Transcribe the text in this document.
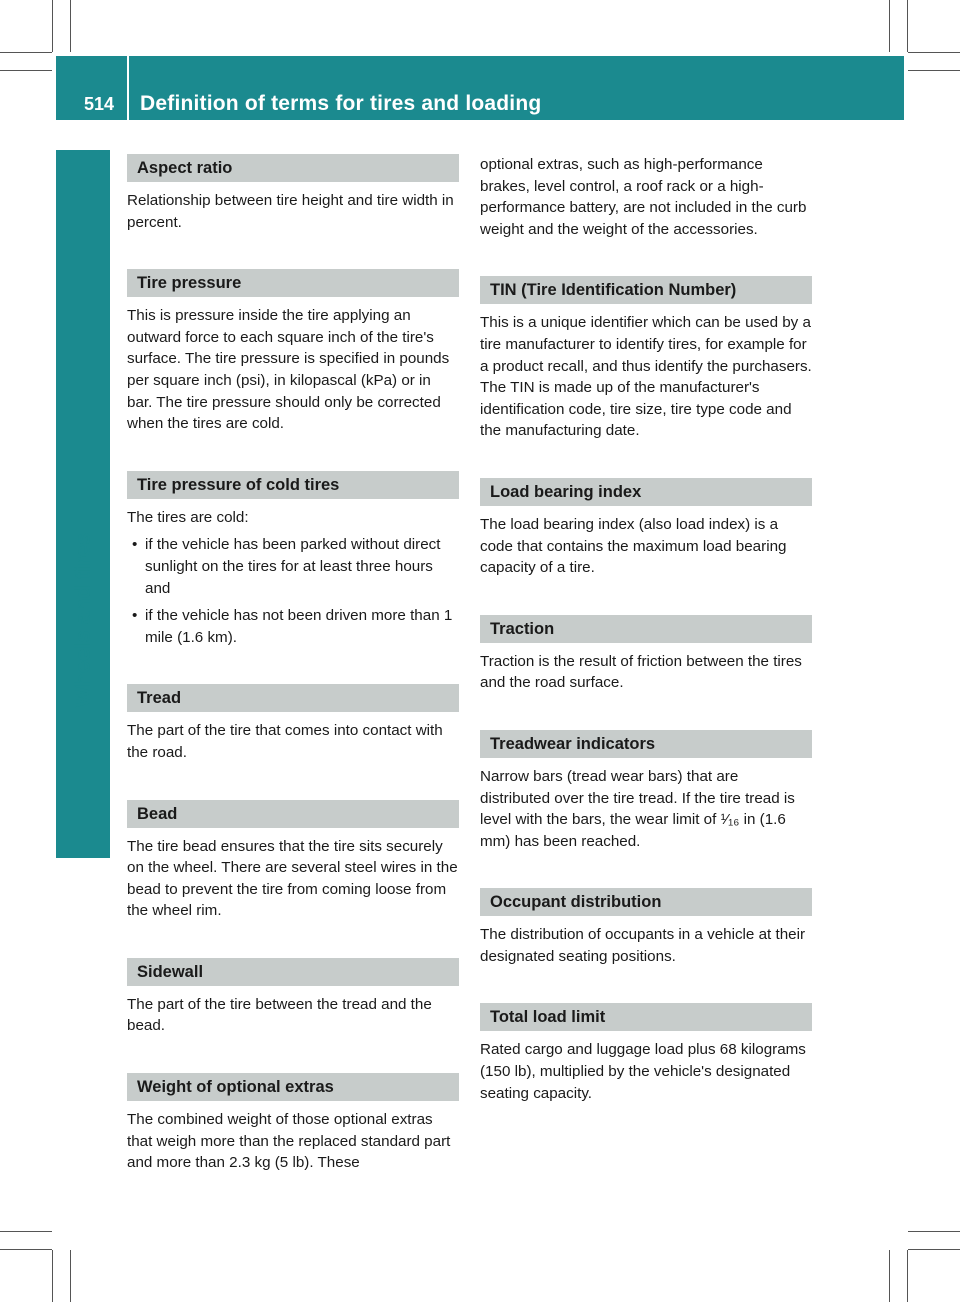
514	Definition of terms for tires and loading
Wheels and tires
Aspect ratio

Relationship between tire height and tire width in percent.

Tire pressure

This is pressure inside the tire applying an outward force to each square inch of the tire's surface. The tire pressure is specified in pounds per square inch (psi), in kilopascal (kPa) or in bar. The tire pressure should only be corrected when the tires are cold.

Tire pressure of cold tires

The tires are cold:

• if the vehicle has been parked without direct sunlight on the tires for at least three hours and
• if the vehicle has not been driven more than 1 mile (1.6 km).
Tread

The part of the tire that comes into contact with the road.

Bead

The tire bead ensures that the tire sits securely on the wheel. There are several steel wires in the bead to prevent the tire from coming loose from the wheel rim.

Sidewall

The part of the tire between the tread and the bead.

Weight of optional extras

The combined weight of those optional extras that weigh more than the replaced standard part and more than 2.3 kg (5 lb). These

optional extras, such as high-performance brakes, level control, a roof rack or a high-performance battery, are not included in the curb weight and the weight of the accessories.

TIN (Tire Identification Number)

This is a unique identifier which can be used by a tire manufacturer to identify tires, for example for a product recall, and thus identify the purchasers. The TIN is made up of the manufacturer's identification code, tire size, tire type code and the manufacturing date.

Load bearing index

The load bearing index (also load index) is a code that contains the maximum load bearing capacity of a tire.

Traction

Traction is the result of friction between the tires and the road surface.

Treadwear indicators

Narrow bars (tread wear bars) that are distributed over the tire tread. If the tire tread is level with the bars, the wear limit of ¹⁄₁₆ in (1.6 mm) has been reached.

Occupant distribution

The distribution of occupants in a vehicle at their designated seating positions.

Total load limit

Rated cargo and luggage load plus 68 kilograms (150 lb), multiplied by the vehicle's designated seating capacity.
